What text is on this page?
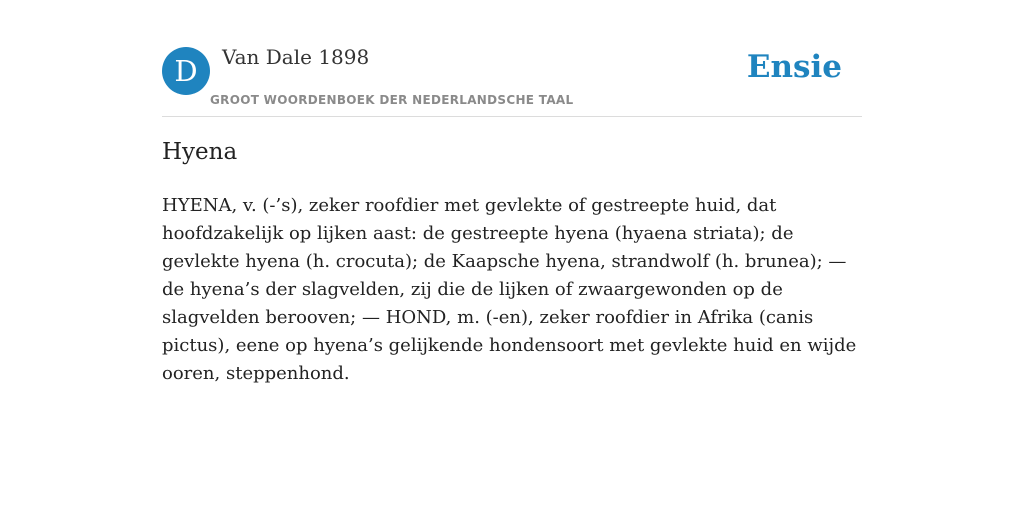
D	Van Dale 1898
GROOT WOORDENBOEK DER NEDERLANDSCHE TAAL
Ensie
Hyena

HYENA, v. (-’s), zeker roofdier met gevlekte of gestreepte huid, dat hoofdzakelijk op lijken aast: de gestreepte hyena (hyaena striata); de gevlekte hyena (h. crocuta); de Kaapsche hyena, strandwolf (h. brunea); — de hyena’s der slagvelden, zij die de lijken of zwaargewonden op de slagvelden berooven; — HOND, m. (-en), zeker roofdier in Afrika (canis pictus), eene op hyena’s gelijkende hondensoort met gevlekte huid en wijde ooren, steppenhond.
